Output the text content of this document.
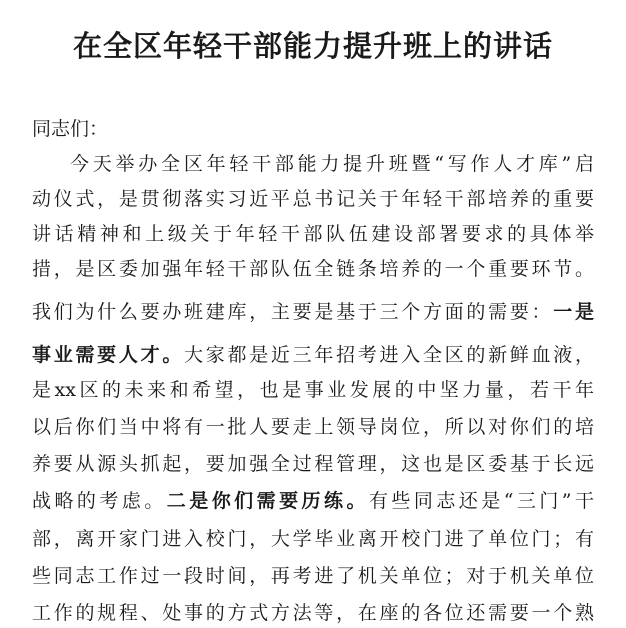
在全区年轻干部能力提升班上的讲话
同志们：
今天举办全区年轻干部能力提升班暨“写作人才库”启
动仪式，是贯彻落实习近平总书记关于年轻干部培养的重要
讲话精神和上级关于年轻干部队伍建设部署要求的具体举
措，是区委加强年轻干部队伍全链条培养的一个重要环节。
我们为什么要办班建库，主要是基于三个方面的需要：一是
事业需要人才。大家都是近三年招考进入全区的新鲜血液，
是xx区的未来和希望，也是事业发展的中坚力量，若干年
以后你们当中将有一批人要走上领导岗位，所以对你们的培
养要从源头抓起，要加强全过程管理，这也是区委基于长远
战略的考虑。二是你们需要历练。有些同志还是“三门”干
部，离开家门进入校门，大学毕业离开校门进了单位门；有
些同志工作过一段时间，再考进了机关单位；对于机关单位
工作的规程、处事的方式方法等，在座的各位还需要一个熟
